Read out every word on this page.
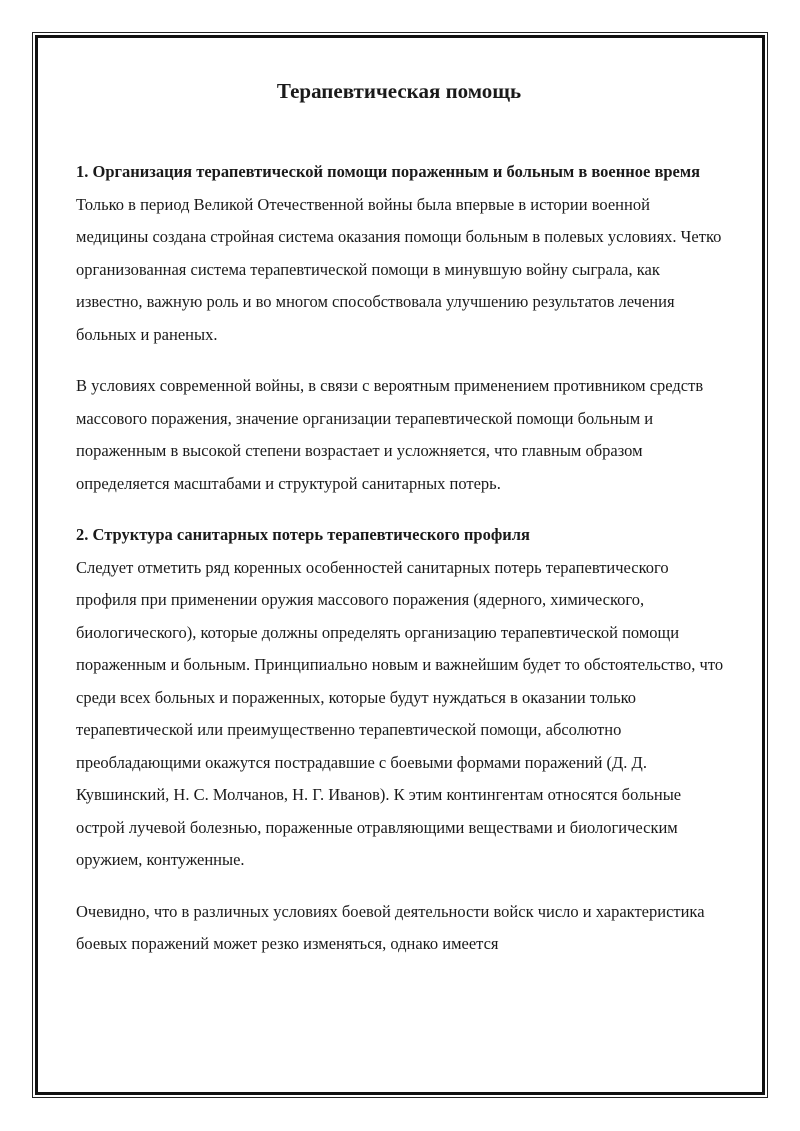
Терапевтическая помощь
1. Организация терапевтической помощи пораженным и больным в военное время

Только в период Великой Отечественной войны была впервые в истории военной медицины создана стройная система оказания помощи больным в полевых условиях. Четко организованная система терапевтической помощи в минувшую войну сыграла, как известно, важную роль и во многом способствовала улучшению результатов лечения больных и раненых.

В условиях современной войны, в связи с вероятным применением противником средств массового поражения, значение организации терапевтической помощи больным и пораженным в высокой степени возрастает и усложняется, что главным образом определяется масштабами и структурой санитарных потерь.

2. Структура санитарных потерь терапевтического профиля

Следует отметить ряд коренных особенностей санитарных потерь терапевтического профиля при применении оружия массового поражения (ядерного, химического, биологического), которые должны определять организацию терапевтической помощи пораженным и больным. Принципиально новым и важнейшим будет то обстоятельство, что среди всех больных и пораженных, которые будут нуждаться в оказании только терапевтической или преимущественно терапевтической помощи, абсолютно преобладающими окажутся пострадавшие с боевыми формами поражений (Д. Д. Кувшинский, Н. С. Молчанов, Н. Г. Иванов). К этим контингентам относятся больные острой лучевой болезнью, пораженные отравляющими веществами и биологическим оружием, контуженные.

Очевидно, что в различных условиях боевой деятельности войск число и характеристика боевых поражений может резко изменяться, однако имеется
